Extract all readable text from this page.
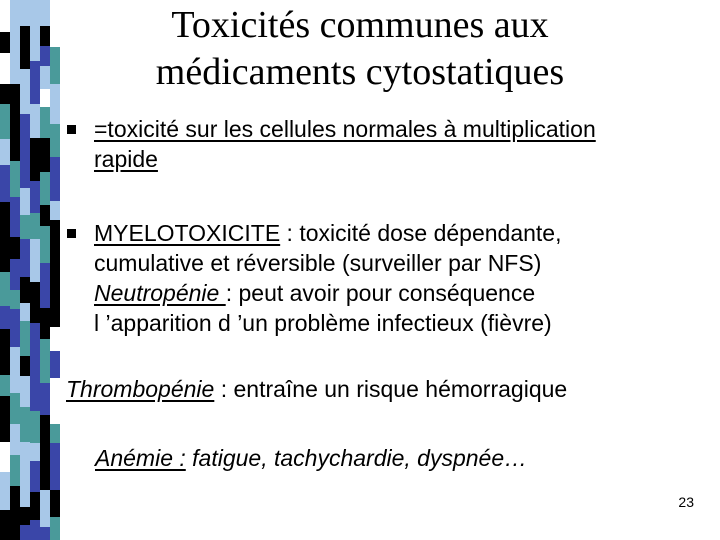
Toxicités communes aux
médicaments cytostatiques
=toxicité sur les cellules normales à multiplication
rapide
MYELOTOXICITE : toxicité dose dépendante,
cumulative et réversible (surveiller par NFS)
Neutropénie : peut avoir pour conséquence
l ’apparition d ’un problème infectieux (fièvre)
Thrombopénie : entraîne un risque hémorragique
Anémie : fatigue, tachychardie, dyspnée…
23
